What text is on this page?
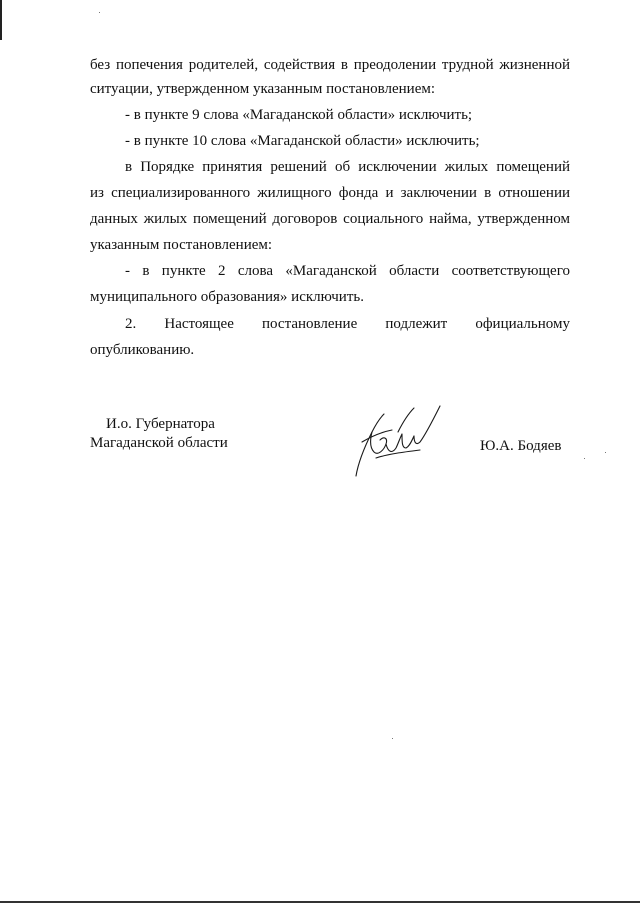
без попечения родителей, содействия в преодолении трудной жизненной
ситуации, утвержденном указанным постановлением:
- в пункте 9 слова «Магаданской области» исключить;
- в пункте 10 слова «Магаданской области» исключить;
в Порядке принятия решений об исключении жилых помещений
из специализированного жилищного фонда и заключении в отношении
данных жилых помещений договоров социального найма, утвержденном
указанным постановлением:
- в пункте 2 слова «Магаданской области соответствующего
муниципального образования» исключить.
2. Настоящее постановление подлежит официальному
опубликованию.
И.о. Губернатора
Магаданской области	Ю.А. Бодяев
